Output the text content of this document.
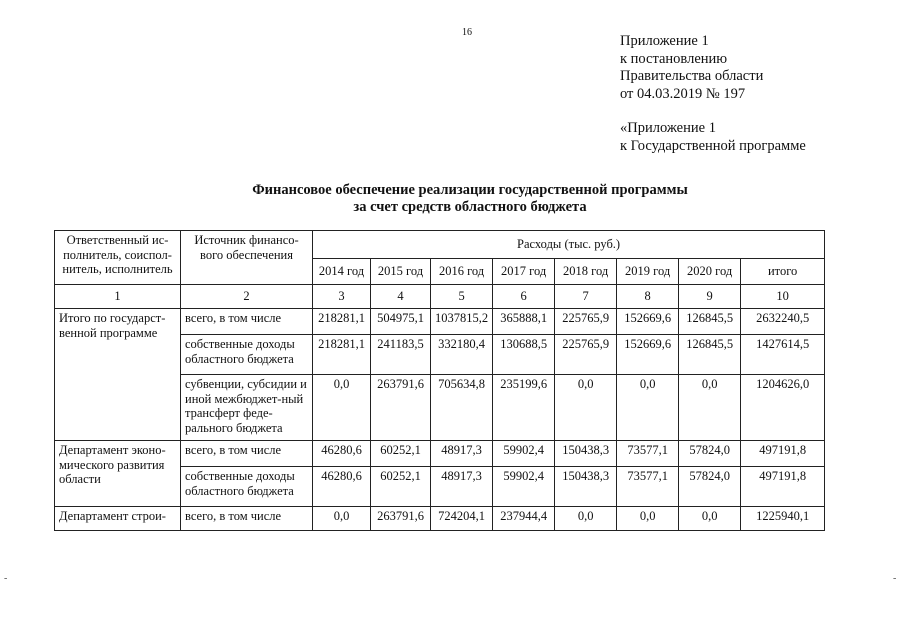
16
Приложение 1
к постановлению
Правительства области
от 04.03.2019 № 197
«Приложение 1
к Государственной программе
Финансовое обеспечение реализации государственной программы
за счет средств областного бюджета
Ответственный ис-полнитель, соиспол-нитель, исполнитель	Источник финансо-вого обеспечения	Расходы (тыс. руб.)							
		2014 год	2015 год	2016 год	2017 год	2018 год	2019 год	2020 год	итого
1	2	3	4	5	6	7	8	9	10
Итого по государст-венной программе	всего, в том числе	218281,1	504975,1	1037815,2	365888,1	225765,9	152669,6	126845,5	2632240,5
	собственные доходы областного бюджета	218281,1	241183,5	332180,4	130688,5	225765,9	152669,6	126845,5	1427614,5
	субвенции, субсидии и иной межбюджет-ный трансферт феде-рального бюджета	0,0	263791,6	705634,8	235199,6	0,0	0,0	0,0	1204626,0
Департамент эконо-мического развития области	всего, в том числе	46280,6	60252,1	48917,3	59902,4	150438,3	73577,1	57824,0	497191,8
	собственные доходы областного бюджета	46280,6	60252,1	48917,3	59902,4	150438,3	73577,1	57824,0	497191,8
Департамент строи-	всего, в том числе	0,0	263791,6	724204,1	237944,4	0,0	0,0	0,0	1225940,1
-	-
